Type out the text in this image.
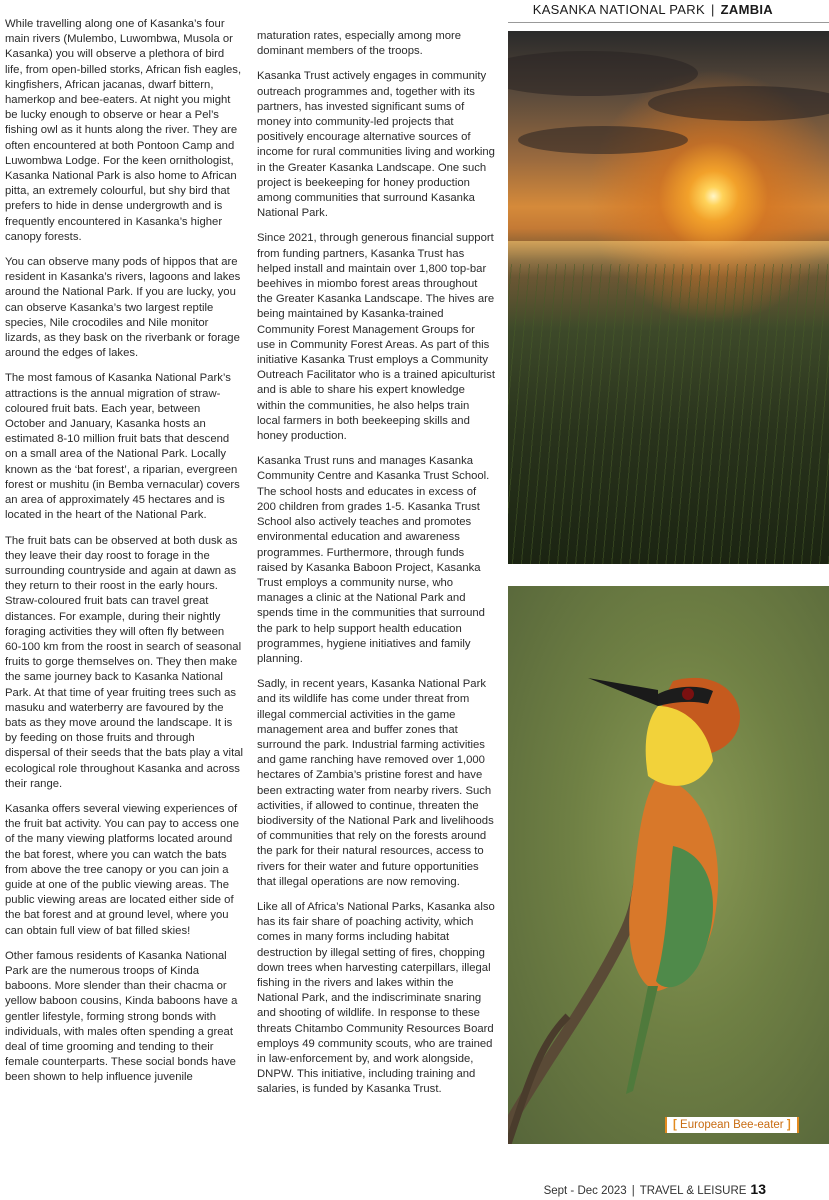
KASANKA NATIONAL PARK | ZAMBIA

While travelling along one of Kasanka’s four main rivers (Mulembo, Luwombwa, Musola or Kasanka) you will observe a plethora of bird life, from open-billed storks, African fish eagles, kingfishers, African jacanas, dwarf bittern, hamerkop and bee-eaters. At night you might be lucky enough to observe or hear a Pel’s fishing owl as it hunts along the river. They are often encountered at both Pontoon Camp and Luwombwa Lodge. For the keen ornithologist, Kasanka National Park is also home to African pitta, an extremely colourful, but shy bird that prefers to hide in dense undergrowth and is frequently encountered in Kasanka’s higher canopy forests.

You can observe many pods of hippos that are resident in Kasanka’s rivers, lagoons and lakes around the National Park. If you are lucky, you can observe Kasanka’s two largest reptile species, Nile crocodiles and Nile monitor lizards, as they bask on the riverbank or forage around the edges of lakes.

The most famous of Kasanka National Park’s attractions is the annual migration of straw-coloured fruit bats. Each year, between October and January, Kasanka hosts an estimated 8-10 million fruit bats that descend on a small area of the National Park. Locally known as the ‘bat forest’, a riparian, evergreen forest or mushitu (in Bemba vernacular) covers an area of approximately 45 hectares and is located in the heart of the National Park.

The fruit bats can be observed at both dusk as they leave their day roost to forage in the surrounding countryside and again at dawn as they return to their roost in the early hours. Straw-coloured fruit bats can travel great distances. For example, during their nightly foraging activities they will often fly between 60-100 km from the roost in search of seasonal fruits to gorge themselves on. They then make the same journey back to Kasanka National Park. At that time of year fruiting trees such as masuku and waterberry are favoured by the bats as they move around the landscape. It is by feeding on those fruits and through dispersal of their seeds that the bats play a vital ecological role throughout Kasanka and across their range.

Kasanka offers several viewing experiences of the fruit bat activity. You can pay to access one of the many viewing platforms located around the bat forest, where you can watch the bats from above the tree canopy or you can join a guide at one of the public viewing areas. The public viewing areas are located either side of the bat forest and at ground level, where you can obtain full view of bat filled skies!

Other famous residents of Kasanka National Park are the numerous troops of Kinda baboons. More slender than their chacma or yellow baboon cousins, Kinda baboons have a gentler lifestyle, forming strong bonds with individuals, with males often spending a great deal of time grooming and tending to their female counterparts. These social bonds have been shown to help influence juvenile

maturation rates, especially among more dominant members of the troops.

Kasanka Trust actively engages in community outreach programmes and, together with its partners, has invested significant sums of money into community-led projects that positively encourage alternative sources of income for rural communities living and working in the Greater Kasanka Landscape. One such project is beekeeping for honey production among communities that surround Kasanka National Park.

Since 2021, through generous financial support from funding partners, Kasanka Trust has helped install and maintain over 1,800 top-bar beehives in miombo forest areas throughout the Greater Kasanka Landscape. The hives are being maintained by Kasanka-trained Community Forest Management Groups for use in Community Forest Areas. As part of this initiative Kasanka Trust employs a Community Outreach Facilitator who is a trained apiculturist and is able to share his expert knowledge within the communities, he also helps train local farmers in both beekeeping skills and honey production.

Kasanka Trust runs and manages Kasanka Community Centre and Kasanka Trust School. The school hosts and educates in excess of 200 children from grades 1-5. Kasanka Trust School also actively teaches and promotes environmental education and awareness programmes. Furthermore, through funds raised by Kasanka Baboon Project, Kasanka Trust employs a community nurse, who manages a clinic at the National Park and spends time in the communities that surround the park to help support health education programmes, hygiene initiatives and family planning.

Sadly, in recent years, Kasanka National Park and its wildlife has come under threat from illegal commercial activities in the game management area and buffer zones that surround the park. Industrial farming activities and game ranching have removed over 1,000 hectares of Zambia’s pristine forest and have been extracting water from nearby rivers. Such activities, if allowed to continue, threaten the biodiversity of the National Park and livelihoods of communities that rely on the forests around the park for their natural resources, access to rivers for their water and future opportunities that illegal operations are now removing.

Like all of Africa’s National Parks, Kasanka also has its fair share of poaching activity, which comes in many forms including habitat destruction by illegal setting of fires, chopping down trees when harvesting caterpillars, illegal fishing in the rivers and lakes within the National Park, and the indiscriminate snaring and shooting of wildlife. In response to these threats Chitambo Community Resources Board employs 49 community scouts, who are trained in law-enforcement by, and work alongside, DNPW. This initiative, including training and salaries, is funded by Kasanka Trust.

[ European Bee-eater ]
Sept - Dec 2023 | TRAVEL & LEISURE 13
